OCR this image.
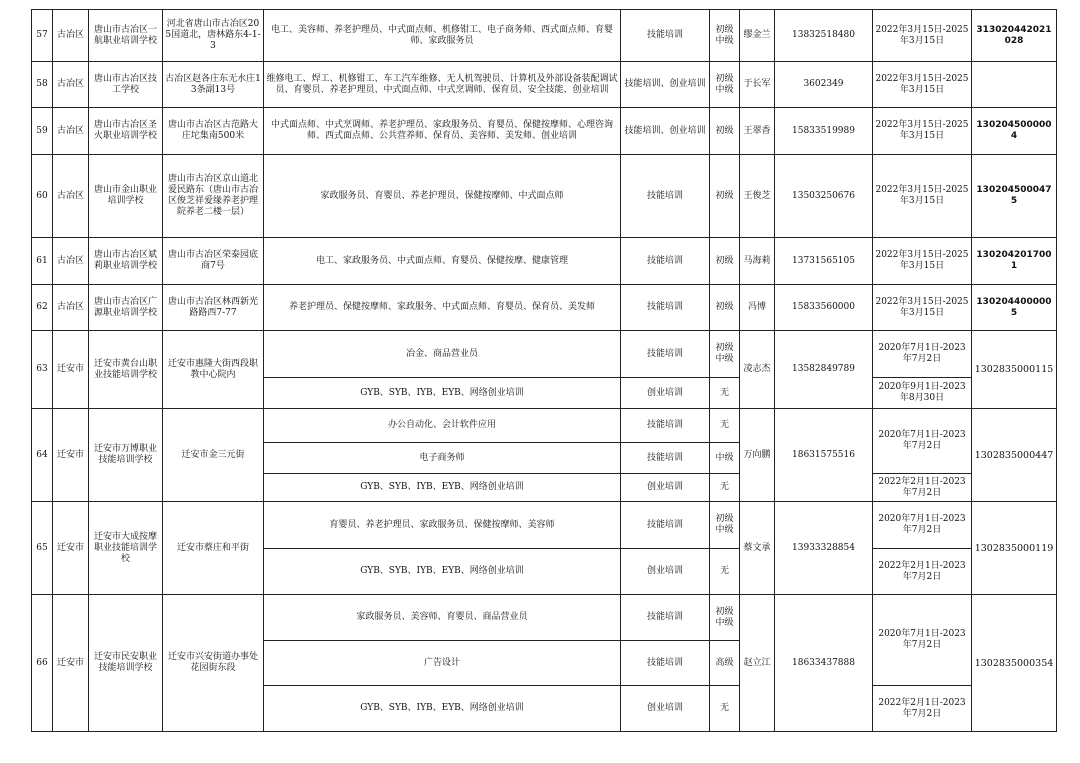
57	古冶区	唐山市古冶区一航职业培训学校	河北省唐山市古冶区205国道北，唐林路东4-1-3	电工、美容师、养老护理员、中式面点师、机修钳工、电子商务师、西式面点师、育婴师、家政服务员	技能培训	初级中级	缪金兰	13832518480	2022年3月15日-2025年3月15日	313020442021028
58	古冶区	唐山市古冶区技工学校	古冶区赵各庄东无水庄13条副13号	维修电工、焊工、机修钳工、车工汽车维修、无人机驾驶员、计算机及外部设备装配调试员、育婴员、养老护理员、中式面点师、中式烹调师、保育员、安全技能、创业培训	技能培训、创业培训	初级中级	于长军	3602349	2022年3月15日-2025年3月15日	
59	古冶区	唐山市古冶区圣火职业培训学校	唐山市古冶区古范路大庄坨集南500米	中式面点师、中式烹调师、养老护理员、家政服务员、育婴员、保健按摩师、心理咨询师、西式面点师、公共营养师、保育员、美容师、美发师、创业培训	技能培训、创业培训	初级	王翠香	15833519989	2022年3月15日-2025年3月15日	1302045000004
60	古冶区	唐山市金山职业培训学校	唐山市古冶区京山道北爱民路东（唐山市古冶区俊芝祥爱缘养老护理院养老二楼一层）	家政服务员、育婴员、养老护理员、保健按摩师、中式面点师	技能培训	初级	王俊芝	13503250676	2022年3月15日-2025年3月15日	1302045000475
61	古冶区	唐山市古冶区斌莉职业培训学校	唐山市古冶区荣泰园底商7号	电工、家政服务员、中式面点师、育婴员、保健按摩、健康管理	技能培训	初级	马海莉	13731565105	2022年3月15日-2025年3月15日	1302042017001
62	古冶区	唐山市古冶区广源职业培训学校	唐山市古冶区林西新光路路西7-77	养老护理员、保健按摩师、家政服务、中式面点师、育婴员、保育员、美发师	技能培训	初级	冯博	15833560000	2022年3月15日-2025年3月15日	1302044000005
63	迁安市	迁安市黄台山职业技能培训学校	迁安市惠隆大街西段职教中心院内	冶金、商品营业员	技能培训	初级中级	凌志杰	13582849789	2020年7月1日-2023年7月2日	1302835000115
				GYB、SYB、IYB、EYB、网络创业培训	创业培训	无			2020年9月1日-2023年8月30日	
64	迁安市	迁安市万博职业技能培训学校	迁安市金三元街	办公自动化、会计软件应用	技能培训	无	万向鹏	18631575516	2020年7月1日-2023年7月2日	1302835000447
				电子商务师	技能培训	中级				
				GYB、SYB、IYB、EYB、网络创业培训	创业培训	无			2022年2月1日-2023年7月2日	
65	迁安市	迁安市大成按摩职业技能培训学校	迁安市蔡庄和平街	育婴员、养老护理员、家政服务员、保健按摩师、美容师	技能培训	初级中级	蔡文承	13933328854	2020年7月1日-2023年7月2日	1302835000119
				GYB、SYB、IYB、EYB、网络创业培训	创业培训	无			2022年2月1日-2023年7月2日	
66	迁安市	迁安市民安职业技能培训学校	迁安市兴安街道办事处花园街东段	家政服务员、美容师、育婴员、商品营业员	技能培训	初级中级	赵立江	18633437888	2020年7月1日-2023年7月2日	1302835000354
				广告设计	技能培训	高级				
				GYB、SYB、IYB、EYB、网络创业培训	创业培训	无			2022年2月1日-2023年7月2日	
